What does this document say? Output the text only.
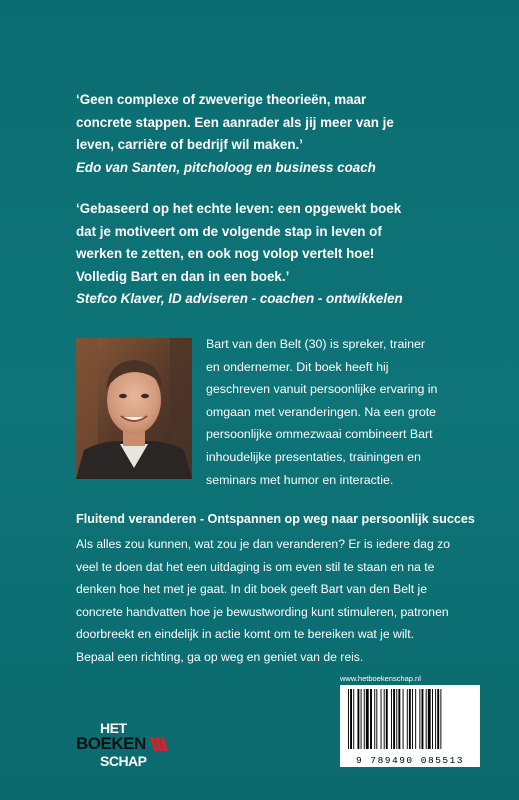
‘Geen complexe of zweverige theorieën, maar
concrete stappen. Een aanrader als jij meer van je
leven, carrière of bedrijf wil maken.’
Edo van Santen, pitcholoog en business coach
‘Gebaseerd op het echte leven: een opgewekt boek
dat je motiveert om de volgende stap in leven of
werken te zetten, en ook nog volop vertelt hoe!
Volledig Bart en dan in een boek.’
Stefco Klaver, ID adviseren - coachen - ontwikkelen
Bart van den Belt (30) is spreker, trainer
en ondernemer. Dit boek heeft hij
geschreven vanuit persoonlijke ervaring in
omgaan met veranderingen. Na een grote
persoonlijke ommezwaai combineert Bart
inhoudelijke presentaties, trainingen en
seminars met humor en interactie.
Fluitend veranderen - Ontspannen op weg naar persoonlijk succes
Als alles zou kunnen, wat zou je dan veranderen? Er is iedere dag zo
veel te doen dat het een uitdaging is om even stil te staan en na te
denken hoe het met je gaat. In dit boek geeft Bart van den Belt je
concrete handvatten hoe je bewustwording kunt stimuleren, patronen
doorbreekt en eindelijk in actie komt om te bereiken wat je wilt.
Bepaal een richting, ga op weg en geniet van de reis.
www.hetboekenschap.nl
9 789490 085513
HET
BOEKEN
SCHAP
